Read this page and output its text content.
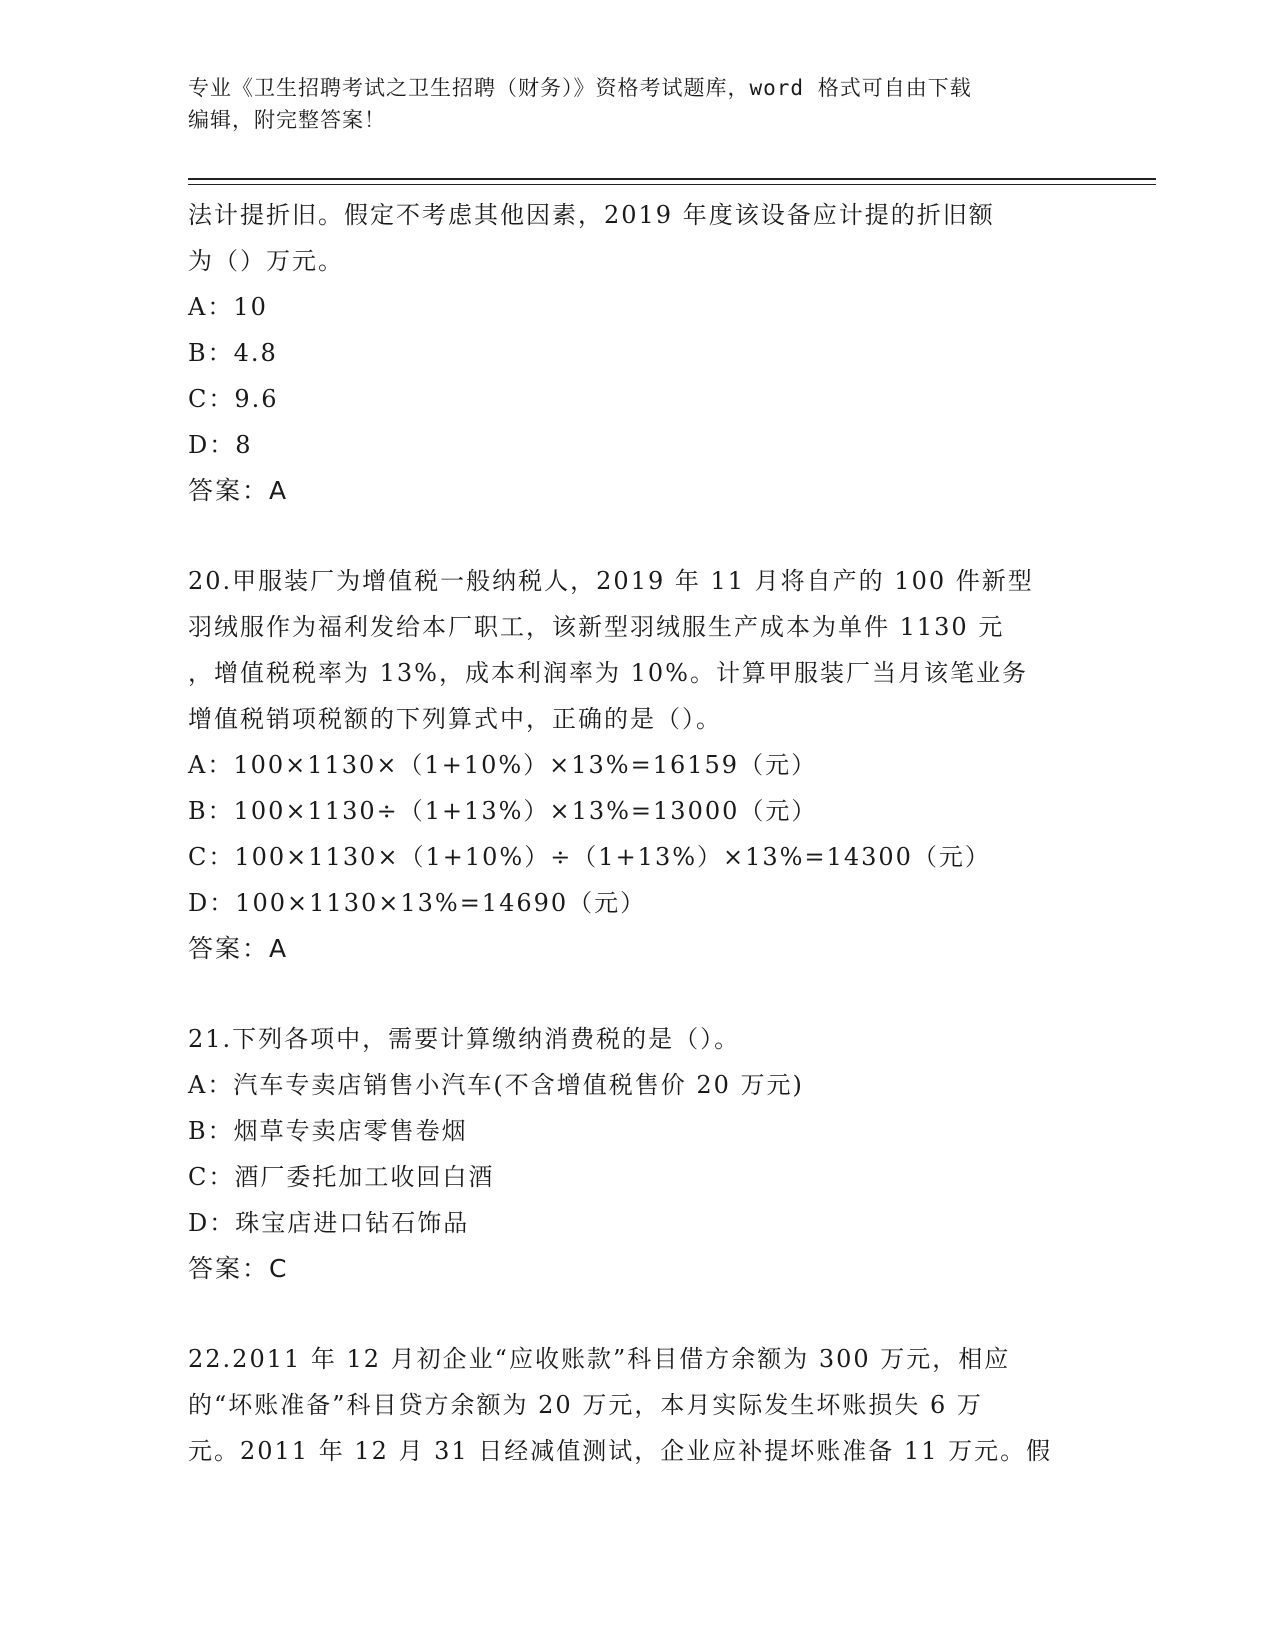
专业《卫生招聘考试之卫生招聘（财务）》资格考试题库，word 格式可自由下载
编辑，附完整答案！
法计提折旧。假定不考虑其他因素，2019 年度该设备应计提的折旧额
为（）万元。
A：10
B：4.8
C：9.6
D：8
答案：A
20.甲服装厂为增值税一般纳税人，2019 年 11 月将自产的 100 件新型
羽绒服作为福利发给本厂职工，该新型羽绒服生产成本为单件 1130 元
，增值税税率为 13%，成本利润率为 10%。计算甲服装厂当月该笔业务
增值税销项税额的下列算式中，正确的是（）。
A：100×1130×（1+10%）×13%=16159（元）
B：100×1130÷（1+13%）×13%=13000（元）
C：100×1130×（1+10%）÷（1+13%）×13%=14300（元）
D：100×1130×13%=14690（元）
答案：A
21.下列各项中，需要计算缴纳消费税的是（）。
A：汽车专卖店销售小汽车(不含增值税售价 20 万元)
B：烟草专卖店零售卷烟
C：酒厂委托加工收回白酒
D：珠宝店进口钻石饰品
答案：C
22.2011 年 12 月初企业“应收账款”科目借方余额为 300 万元，相应
的“坏账准备”科目贷方余额为 20 万元，本月实际发生坏账损失 6 万
元。2011 年 12 月 31 日经减值测试，企业应补提坏账准备 11 万元。假
